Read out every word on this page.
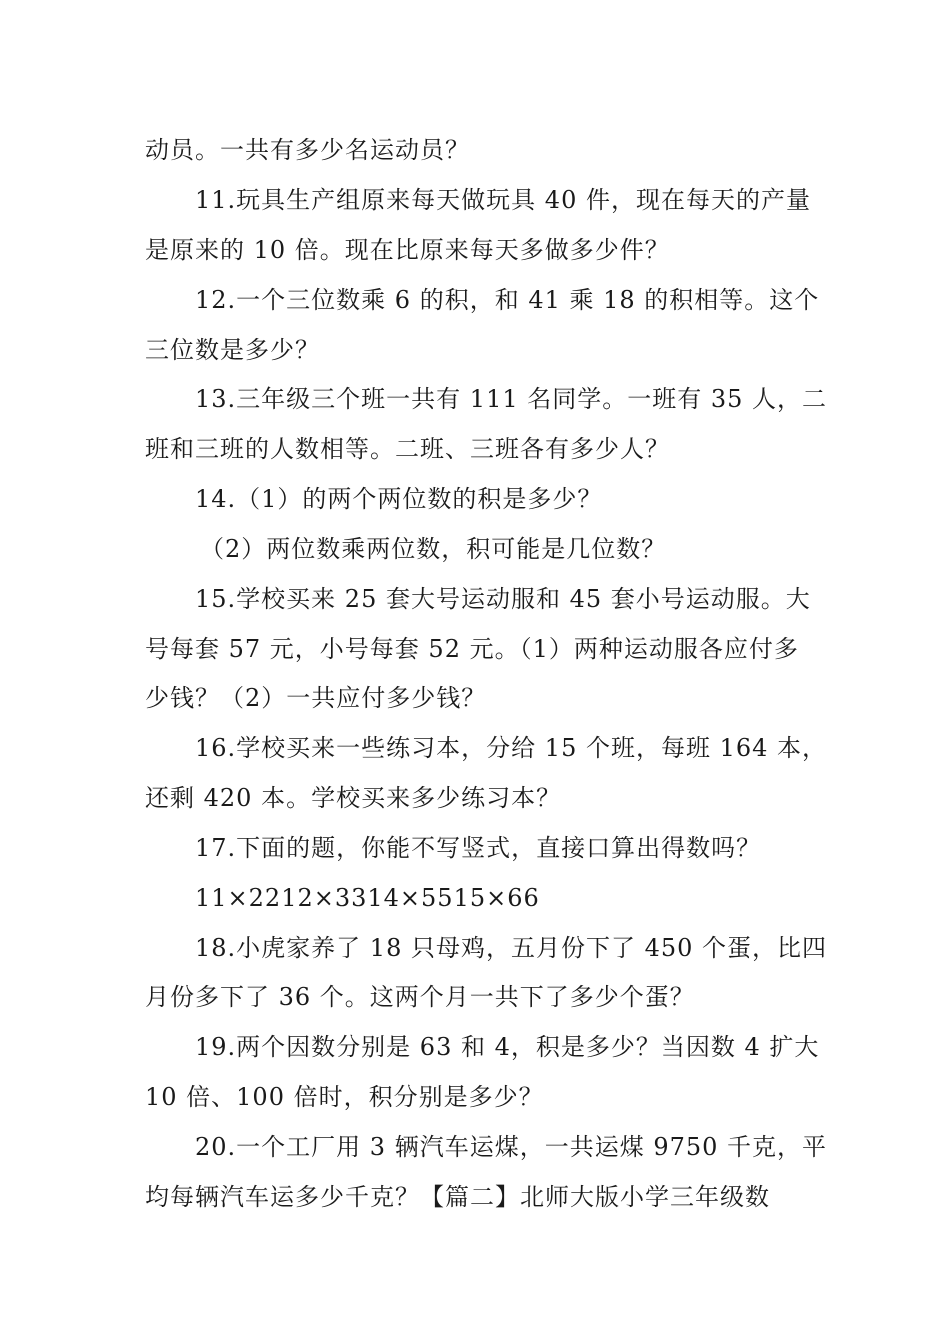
动员。一共有多少名运动员？
11.玩具生产组原来每天做玩具 40 件，现在每天的产量
是原来的 10 倍。现在比原来每天多做多少件？
12.一个三位数乘 6 的积，和 41 乘 18 的积相等。这个
三位数是多少？
13.三年级三个班一共有 111 名同学。一班有 35 人，二
班和三班的人数相等。二班、三班各有多少人？
14.（1）的两个两位数的积是多少？
（2）两位数乘两位数，积可能是几位数？
15.学校买来 25 套大号运动服和 45 套小号运动服。大
号每套 57 元，小号每套 52 元。（1）两种运动服各应付多
少钱？（2）一共应付多少钱？
16.学校买来一些练习本，分给 15 个班，每班 164 本，
还剩 420 本。学校买来多少练习本？
17.下面的题，你能不写竖式，直接口算出得数吗？
11×2212×3314×5515×66
18.小虎家养了 18 只母鸡，五月份下了 450 个蛋，比四
月份多下了 36 个。这两个月一共下了多少个蛋？
19.两个因数分别是 63 和 4，积是多少？当因数 4 扩大
10 倍、100 倍时，积分别是多少？
20.一个工厂用 3 辆汽车运煤，一共运煤 9750 千克，平
均每辆汽车运多少千克？【篇二】北师大版小学三年级数
